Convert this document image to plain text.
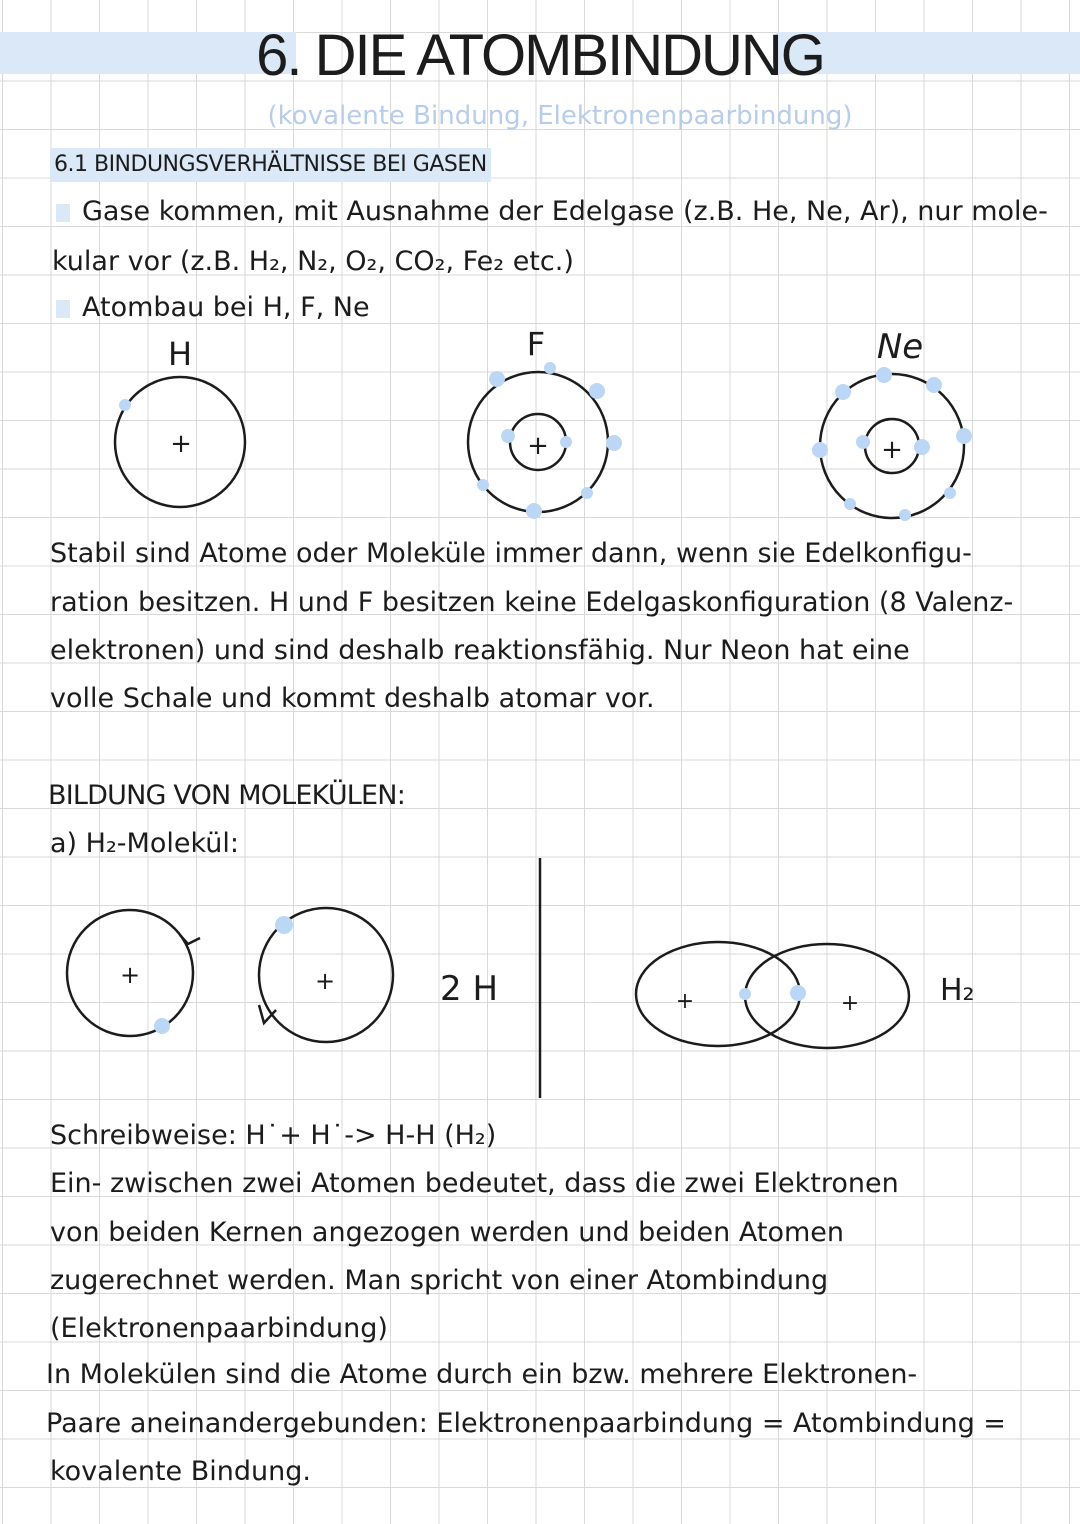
6. DIE ATOMBINDUNG
(kovalente Bindung, Elektronenpaarbindung)
6.1 BINDUNGSVERHÄLTNISSE BEI GASEN
Gase kommen, mit Ausnahme der Edelgase (z.B. He, Ne, Ar), nur mole-
kular vor (z.B. H₂, N₂, O₂, CO₂, Fe₂ etc.)
Atombau bei H, F, Ne
H	F	Ne
+	+	+
Stabil sind Atome oder Moleküle immer dann, wenn sie Edelkonfigu-
ration besitzen. H und F besitzen keine Edelgaskonfiguration (8 Valenz-
elektronen) und sind deshalb reaktionsfähig. Nur Neon hat eine
volle Schale und kommt deshalb atomar vor.
BILDUNG VON MOLEKÜLEN:
a) H₂-Molekül:
+	+
+	+
2 H	H₂
Schreibweise: H˙+ H˙-> H-H (H₂)
Ein- zwischen zwei Atomen bedeutet, dass die zwei Elektronen
von beiden Kernen angezogen werden und beiden Atomen
zugerechnet werden. Man spricht von einer Atombindung
(Elektronenpaarbindung)
In Molekülen sind die Atome durch ein bzw. mehrere Elektronen-
Paare aneinandergebunden: Elektronenpaarbindung = Atombindung =
kovalente Bindung.
